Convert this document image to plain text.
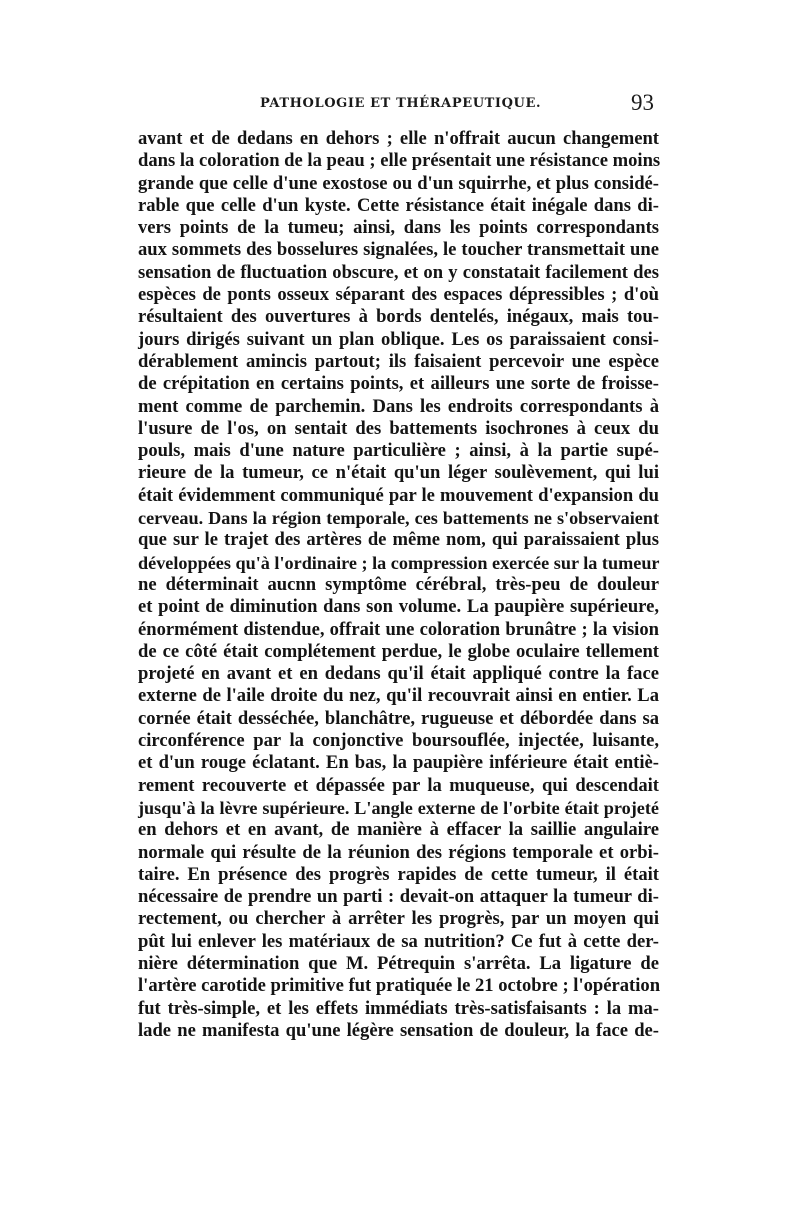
PATHOLOGIE ET THÉRAPEUTIQUE.	93
avant et de dedans en dehors ; elle n'offrait aucun changement
dans la coloration de la peau ; elle présentait une résistance moins
grande que celle d'une exostose ou d'un squirrhe, et plus considé-
rable que celle d'un kyste. Cette résistance était inégale dans di-
vers points de la tumeu; ainsi, dans les points correspondants
aux sommets des bosselures signalées, le toucher transmettait une
sensation de fluctuation obscure, et on y constatait facilement des
espèces de ponts osseux séparant des espaces dépressibles ; d'où
résultaient des ouvertures à bords dentelés, inégaux, mais tou-
jours dirigés suivant un plan oblique. Les os paraissaient consi-
dérablement amincis partout; ils faisaient percevoir une espèce
de crépitation en certains points, et ailleurs une sorte de froisse-
ment comme de parchemin. Dans les endroits correspondants à
l'usure de l'os, on sentait des battements isochrones à ceux du
pouls, mais d'une nature particulière ; ainsi, à la partie supé-
rieure de la tumeur, ce n'était qu'un léger soulèvement, qui lui
était évidemment communiqué par le mouvement d'expansion du
cerveau. Dans la région temporale, ces battements ne s'observaient
que sur le trajet des artères de même nom, qui paraissaient plus
développées qu'à l'ordinaire ; la compression exercée sur la tumeur
ne déterminait aucnn symptôme cérébral, très-peu de douleur
et point de diminution dans son volume. La paupière supérieure,
énormément distendue, offrait une coloration brunâtre ; la vision
de ce côté était complétement perdue, le globe oculaire tellement
projeté en avant et en dedans qu'il était appliqué contre la face
externe de l'aile droite du nez, qu'il recouvrait ainsi en entier. La
cornée était desséchée, blanchâtre, rugueuse et débordée dans sa
circonférence par la conjonctive boursouflée, injectée, luisante,
et d'un rouge éclatant. En bas, la paupière inférieure était entiè-
rement recouverte et dépassée par la muqueuse, qui descendait
jusqu'à la lèvre supérieure. L'angle externe de l'orbite était projeté
en dehors et en avant, de manière à effacer la saillie angulaire
normale qui résulte de la réunion des régions temporale et orbi-
taire. En présence des progrès rapides de cette tumeur, il était
nécessaire de prendre un parti : devait-on attaquer la tumeur di-
rectement, ou chercher à arrêter les progrès, par un moyen qui
pût lui enlever les matériaux de sa nutrition? Ce fut à cette der-
nière détermination que M. Pétrequin s'arrêta. La ligature de
l'artère carotide primitive fut pratiquée le 21 octobre ; l'opération
fut très-simple, et les effets immédiats très-satisfaisants : la ma-
lade ne manifesta qu'une légère sensation de douleur, la face de-
